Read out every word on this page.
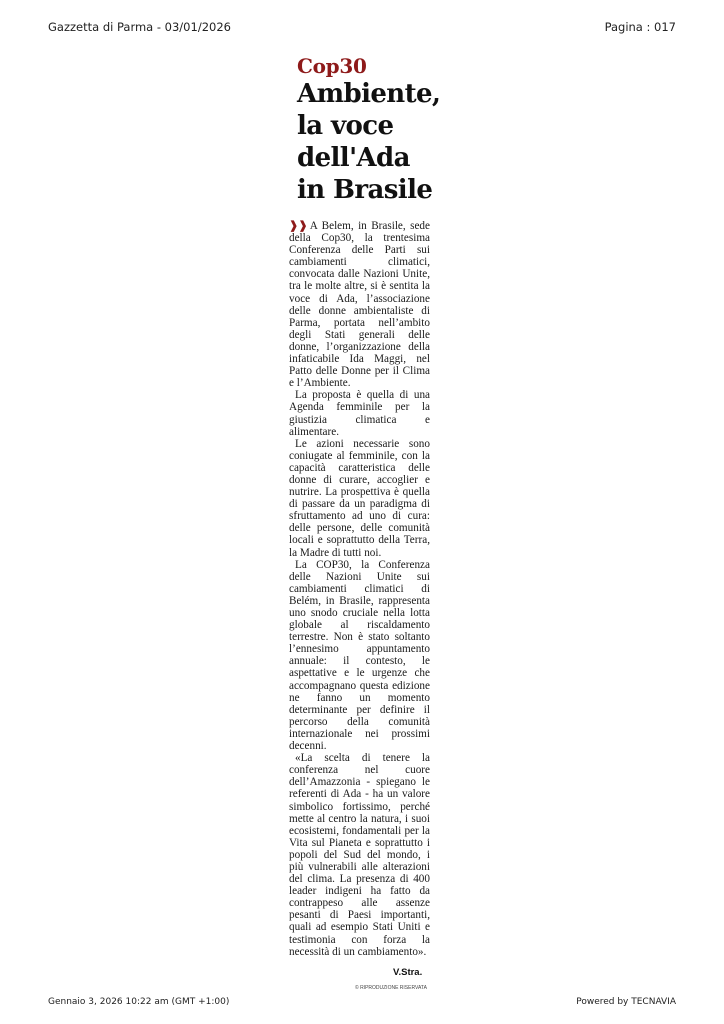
Gazzetta di Parma - 03/01/2026	Pagina : 017
Cop30
Ambiente,
la voce
dell'Ada
in Brasile

❱❱ A Belem, in Brasile, sede della Cop30, la trentesima Conferenza delle Parti sui cambiamenti climatici, convocata dalle Nazioni Unite, tra le molte altre, si è sentita la voce di Ada, l’associazione delle donne ambientaliste di Parma, portata nell’ambito degli Stati generali delle donne, l’organizzazione della infaticabile Ida Maggi, nel Patto delle Donne per il Clima e l’Ambiente.

La proposta è quella di una Agenda femminile per la giustizia climatica e alimentare.

Le azioni necessarie sono coniugate al femminile, con la capacità caratteristica delle donne di curare, accoglier e nutrire. La prospettiva è quella di passare da un paradigma di sfruttamento ad uno di cura: delle persone, delle comunità locali e soprattutto della Terra, la Madre di tutti noi.

La COP30, la Conferenza delle Nazioni Unite sui cambiamenti climatici di Belém, in Brasile, rappresenta uno snodo cruciale nella lotta globale al riscaldamento terrestre. Non è stato soltanto l’ennesimo appuntamento annuale: il contesto, le aspettative e le urgenze che accompagnano questa edizione ne fanno un momento determinante per definire il percorso della comunità internazionale nei prossimi decenni.

«La scelta di tenere la conferenza nel cuore dell’Amazzonia - spiegano le referenti di Ada - ha un valore simbolico fortissimo, perché mette al centro la natura, i suoi ecosistemi, fondamentali per la Vita sul Pianeta e soprattutto i popoli del Sud del mondo, i più vulnerabili alle alterazioni del clima. La presenza di 400 leader indigeni ha fatto da contrappeso alle assenze pesanti di Paesi importanti, quali ad esempio Stati Uniti e testimonia con forza la necessità di un cambiamento».

V.Stra.
© RIPRODUZIONE RISERVATA
Gennaio 3, 2026 10:22 am (GMT +1:00)	Powered by TECNAVIA
